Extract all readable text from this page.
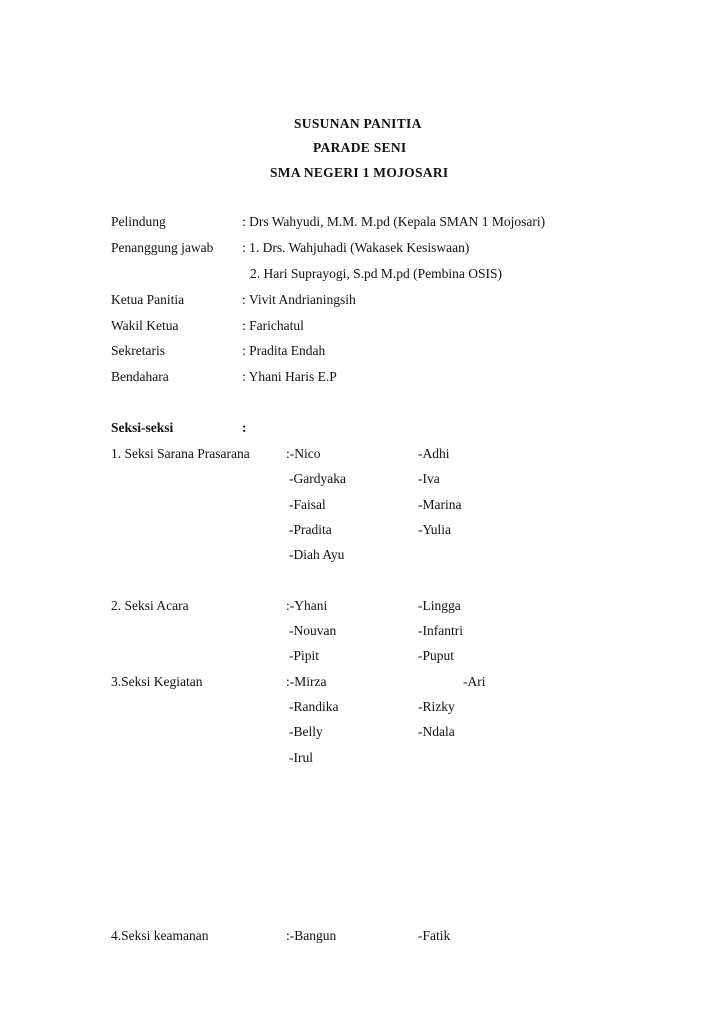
SUSUNAN PANITIA
PARADE SENI
SMA NEGERI 1 MOJOSARI
Pelindung	: Drs Wahyudi, M.M. M.pd (Kepala SMAN 1 Mojosari)
Penanggung jawab : 1. Drs. Wahjuhadi (Wakasek Kesiswaan)
2. Hari Suprayogi, S.pd M.pd (Pembina OSIS)
Ketua Panitia	: Vivit Andrianingsih
Wakil Ketua	: Farichatul
Sekretaris	: Pradita Endah
Bendahara	: Yhani Haris E.P
Seksi-seksi	:
1. Seksi Sarana Prasarana	:-Nico	-Adhi
-Gardyaka	-Iva
-Faisal	-Marina
-Pradita	-Yulia
-Diah Ayu
2. Seksi Acara	:-Yhani	-Lingga
-Nouvan	-Infantri
-Pipit	-Puput
3.Seksi Kegiatan	:-Mirza	-Ari
-Randika	-Rizky
-Belly	-Ndala
-Irul
4.Seksi keamanan	:-Bangun	-Fatik
